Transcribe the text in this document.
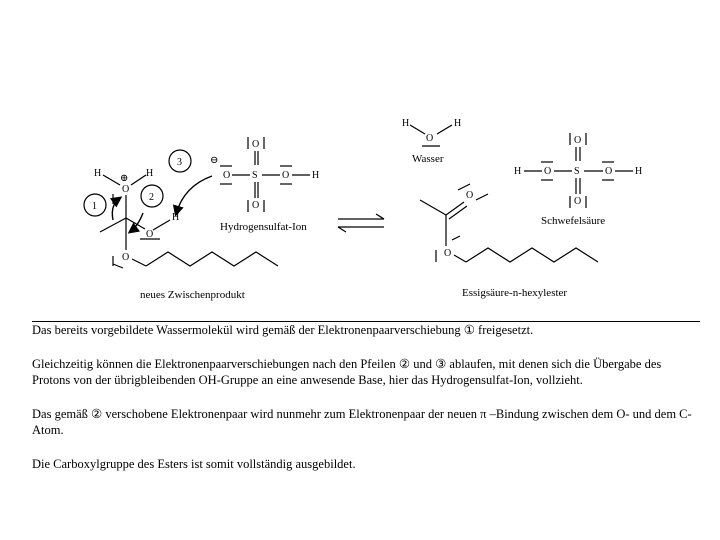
H ⊕
O
H
H
O
O
1
2
3
neues Zwischenprodukt
⊖
O
O S O H
O
Hydrogensulfat-Ion
H
O
H
Wasser
O
O
Essigsäure-n-hexylester
H O S	O H
O
O
Schwefelsäure

Das bereits vorgebildete Wassermolekül wird gemäß der Elektronenpaarverschiebung ① freigesetzt.

Gleichzeitig können die Elektronenpaarverschiebungen nach den Pfeilen ② und ③ ablaufen, mit denen sich die Übergabe des Protons von der übrigbleibenden OH-Gruppe an eine anwesende Base, hier das Hydrogensulfat-Ion, vollzieht.

Das gemäß ② verschobene Elektronenpaar wird nunmehr zum Elektronenpaar der neuen π –Bindung zwischen dem O- und dem C-Atom.

Die Carboxylgruppe des Esters ist somit vollständig ausgebildet.
